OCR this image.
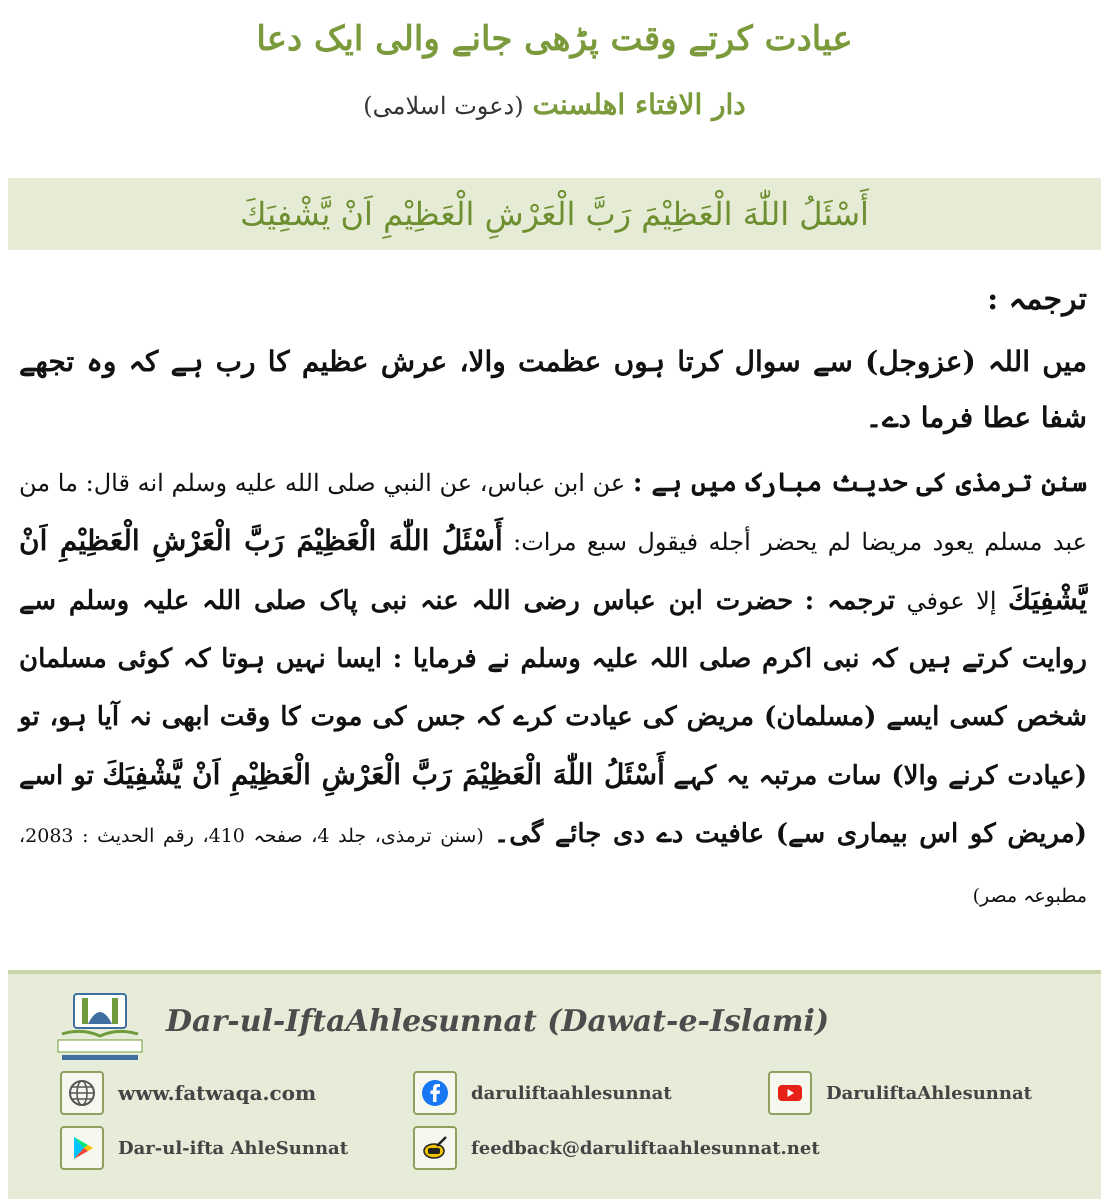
عیادت کرتے وقت پڑھی جانے والی ایک دعا
دار الافتاء اھلسنت (دعوت اسلامی)
أَسْئَلُ اللّٰهَ الْعَظِيْمَ رَبَّ الْعَرْشِ الْعَظِيْمِ اَنْ يَّشْفِيَكَ

ترجمہ :

میں اللہ (عزوجل) سے سوال کرتا ہوں عظمت والا، عرش عظیم کا رب ہے کہ وہ تجھے شفا عطا فرما دے۔

سنن ترمذی کی حدیث مبارک میں ہے : عن ابن عباس، عن النبي صلى الله عليه وسلم انه قال: ما من عبد مسلم يعود مريضا لم يحضر أجله فيقول سبع مرات: أَسْئَلُ اللّٰهَ الْعَظِيْمَ رَبَّ الْعَرْشِ الْعَظِيْمِ اَنْ يَّشْفِيَكَ إلا عوفي ترجمہ : حضرت ابن عباس رضی اللہ عنہ نبی پاک صلی اللہ علیہ وسلم سے روایت کرتے ہیں کہ نبی اکرم صلی اللہ علیہ وسلم نے فرمایا : ایسا نہیں ہوتا کہ کوئی مسلمان شخص کسی ایسے (مسلمان) مریض کی عیادت کرے کہ جس کی موت کا وقت ابھی نہ آیا ہو، تو (عیادت کرنے والا) سات مرتبہ یہ کہے أَسْئَلُ اللّٰهَ الْعَظِيْمَ رَبَّ الْعَرْشِ الْعَظِيْمِ اَنْ يَّشْفِيَكَ تو اسے (مریض کو اس بیماری سے) عافیت دے دی جائے گی۔ (سنن ترمذی، جلد 4، صفحہ 410، رقم الحدیث : 2083، مطبوعہ مصر)

Dar-ul-IftaAhlesunnat (Dawat-e-Islami)
www.fatwaqa.com	daruliftaahlesunnat	DaruliftaAhlesunnat
Dar-ul-ifta AhleSunnat	feedback@daruliftaahlesunnat.net
